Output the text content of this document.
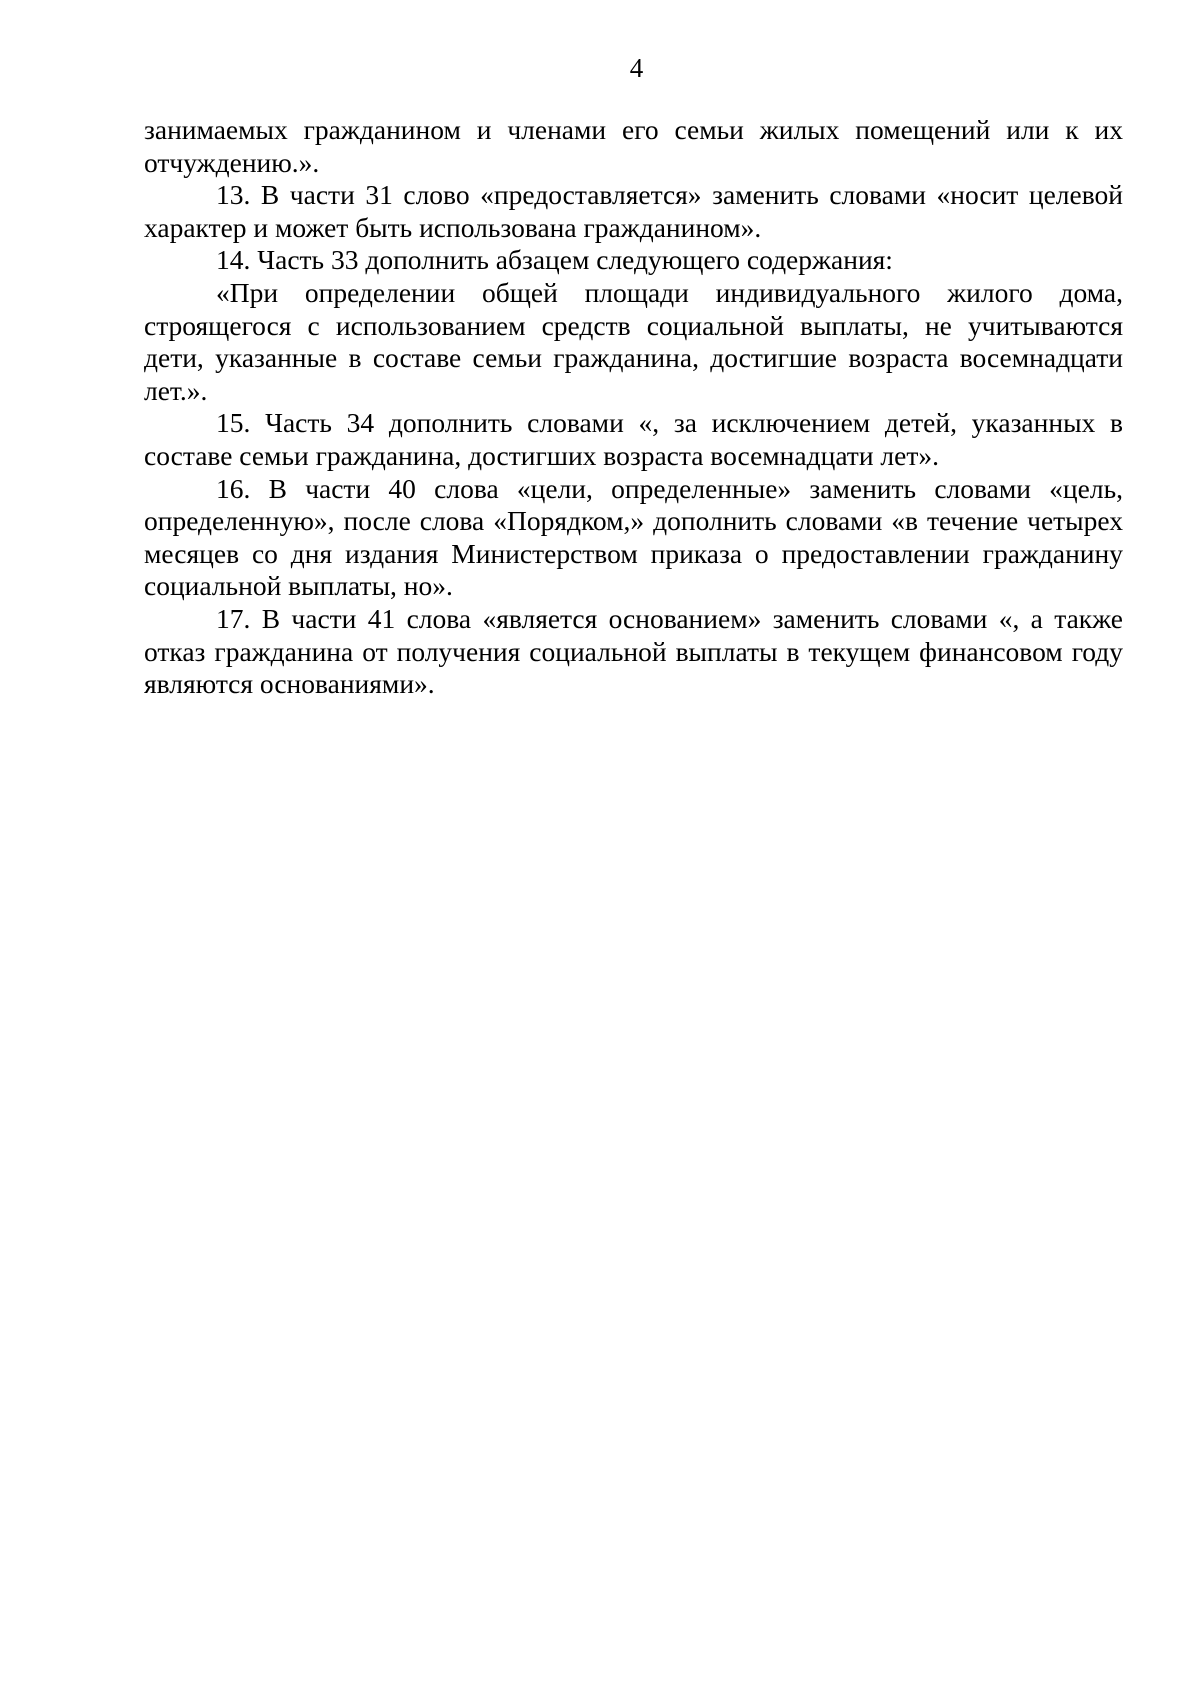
4

занимаемых гражданином и членами его семьи жилых помещений или к их отчуждению.».

13. В части 31 слово «предоставляется» заменить словами «носит целевой характер и может быть использована гражданином».

14. Часть 33 дополнить абзацем следующего содержания:

«При определении общей площади индивидуального жилого дома, строящегося с использованием средств социальной выплаты, не учитываются дети, указанные в составе семьи гражданина, достигшие возраста восемнадцати лет.».

15. Часть 34 дополнить словами «, за исключением детей, указанных в составе семьи гражданина, достигших возраста восемнадцати лет».

16. В части 40 слова «цели, определенные» заменить словами «цель, определенную», после слова «Порядком,» дополнить словами «в течение четырех месяцев со дня издания Министерством приказа о предоставлении гражданину социальной выплаты, но».

17. В части 41 слова «является основанием» заменить словами «, а также отказ гражданина от получения социальной выплаты в текущем финансовом году являются основаниями».
